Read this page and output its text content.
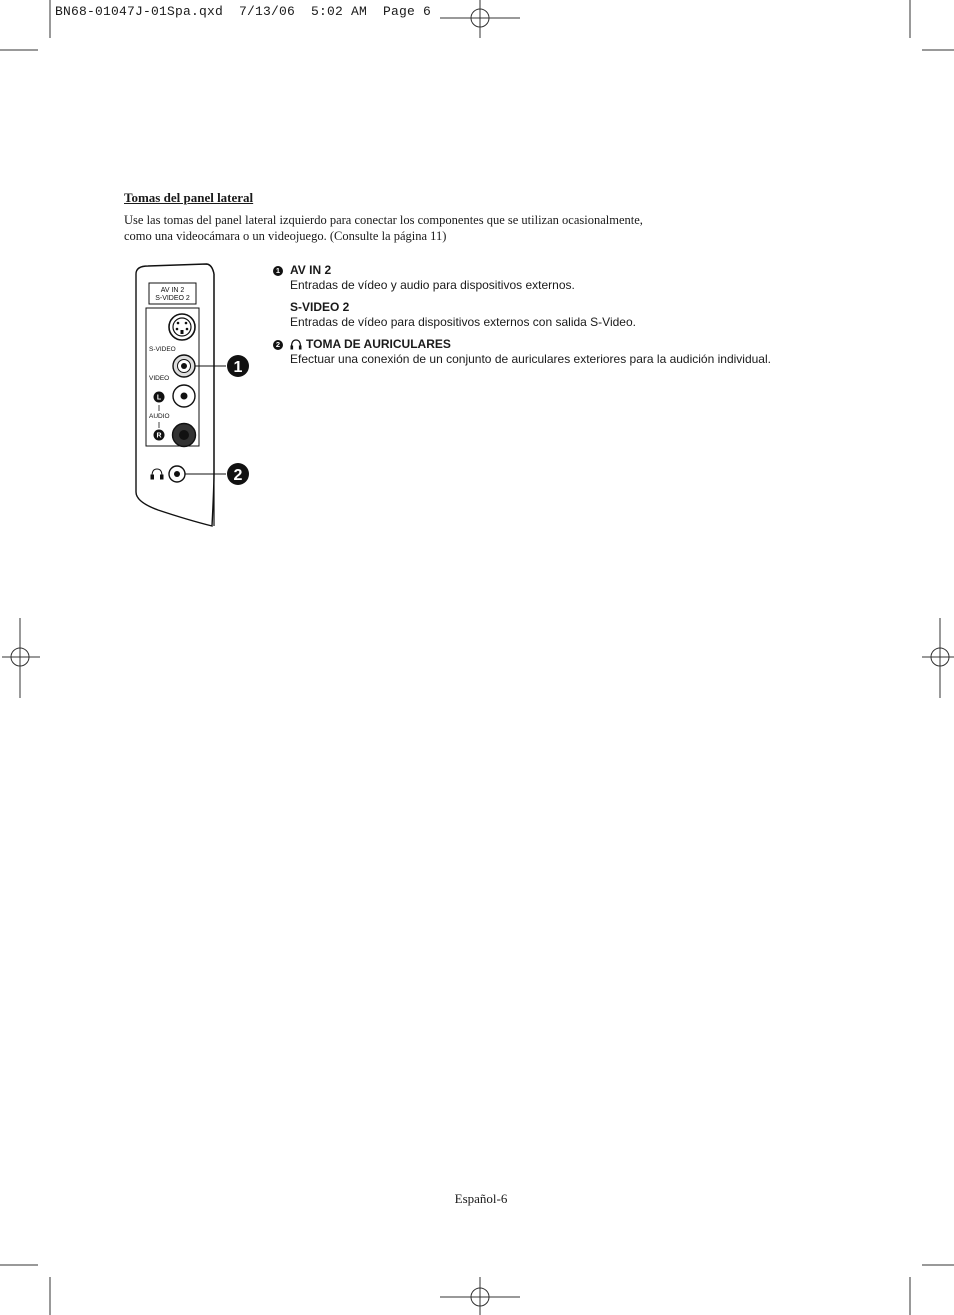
BN68-01047J-01Spa.qxd  7/13/06  5:02 AM  Page 6
Tomas del panel lateral
Use las tomas del panel lateral izquierdo para conectar los componentes que se utilizan ocasionalmente,
como una videocámara o un videojuego. (Consulte la página 11)
AV IN 2
S-VIDEO 2
S-VIDEO
VIDEO
L
AUDIO
R
1
2
1 AV IN 2
Entradas de vídeo y audio para dispositivos externos.
S-VIDEO 2
Entradas de vídeo para dispositivos externos con salida S-Video.
2	TOMA DE AURICULARES
Efectuar una conexión de un conjunto de auriculares exteriores para la audición individual.
Español-6
